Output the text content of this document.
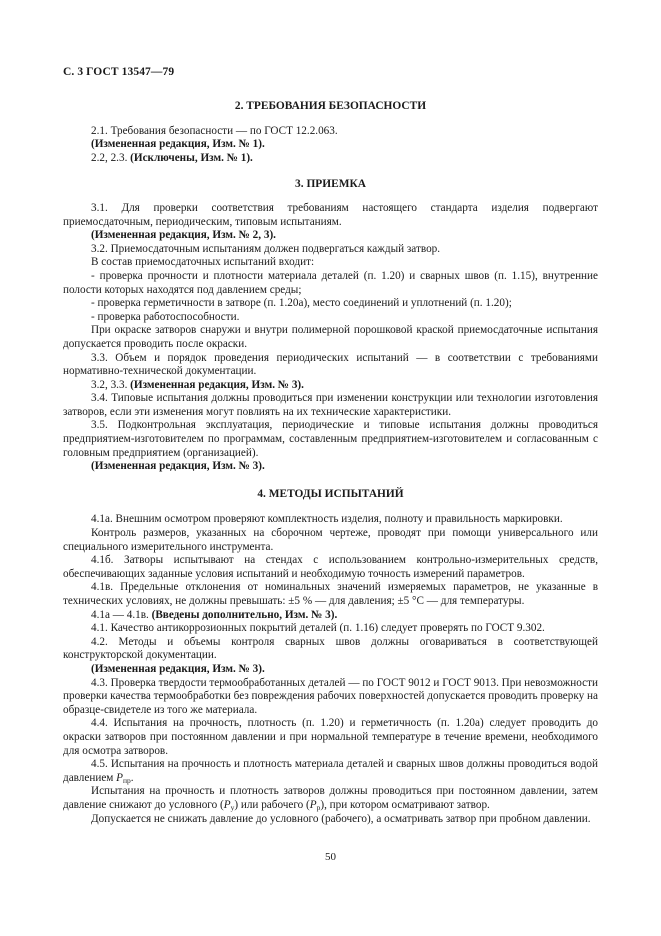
С. 3 ГОСТ 13547—79

2. ТРЕБОВАНИЯ БЕЗОПАСНОСТИ

2.1. Требования безопасности — по ГОСТ 12.2.063.

(Измененная редакция, Изм. № 1).

2.2, 2.3. (Исключены, Изм. № 1).

3. ПРИЕМКА

3.1. Для проверки соответствия требованиям настоящего стандарта изделия подвергают приемосдаточным, периодическим, типовым испытаниям.

(Измененная редакция, Изм. № 2, 3).

3.2. Приемосдаточным испытаниям должен подвергаться каждый затвор.

В состав приемосдаточных испытаний входит:

- проверка прочности и плотности материала деталей (п. 1.20) и сварных швов (п. 1.15), внутренние полости которых находятся под давлением среды;

- проверка герметичности в затворе (п. 1.20а), место соединений и уплотнений (п. 1.20);

- проверка работоспособности.

При окраске затворов снаружи и внутри полимерной порошковой краской приемосдаточные испытания допускается проводить после окраски.

3.3. Объем и порядок проведения периодических испытаний — в соответствии с требованиями нормативно-технической документации.

3.2, 3.3. (Измененная редакция, Изм. № 3).

3.4. Типовые испытания должны проводиться при изменении конструкции или технологии изготовления затворов, если эти изменения могут повлиять на их технические характеристики.

3.5. Подконтрольная эксплуатация, периодические и типовые испытания должны проводиться предприятием-изготовителем по программам, составленным предприятием-изготовителем и согласованным с головным предприятием (организацией).

(Измененная редакция, Изм. № 3).

4. МЕТОДЫ ИСПЫТАНИЙ

4.1а. Внешним осмотром проверяют комплектность изделия, полноту и правильность маркировки.

Контроль размеров, указанных на сборочном чертеже, проводят при помощи универсального или специального измерительного инструмента.

4.1б. Затворы испытывают на стендах с использованием контрольно-измерительных средств, обеспечивающих заданные условия испытаний и необходимую точность измерений параметров.

4.1в. Предельные отклонения от номинальных значений измеряемых параметров, не указанные в технических условиях, не должны превышать: ±5 % — для давления; ±5 °С — для температуры.

4.1а — 4.1в. (Введены дополнительно, Изм. № 3).

4.1. Качество антикоррозионных покрытий деталей (п. 1.16) следует проверять по ГОСТ 9.302.

4.2. Методы и объемы контроля сварных швов должны оговариваться в соответствующей конструкторской документации.

(Измененная редакция, Изм. № 3).

4.3. Проверка твердости термообработанных деталей — по ГОСТ 9012 и ГОСТ 9013. При невозможности проверки качества термообработки без повреждения рабочих поверхностей допускается проводить проверку на образце-свидетеле из того же материала.

4.4. Испытания на прочность, плотность (п. 1.20) и герметичность (п. 1.20а) следует проводить до окраски затворов при постоянном давлении и при нормальной температуре в течение времени, необходимого для осмотра затворов.

4.5. Испытания на прочность и плотность материала деталей и сварных швов должны проводиться водой давлением $P_{пр}$.

Испытания на прочность и плотность затворов должны проводиться при постоянном давлении, затем давление снижают до условного $(P_у)$ или рабочего $(P_р)$, при котором осматривают затвор.

Допускается не снижать давление до условного (рабочего), а осматривать затвор при пробном давлении.

50
